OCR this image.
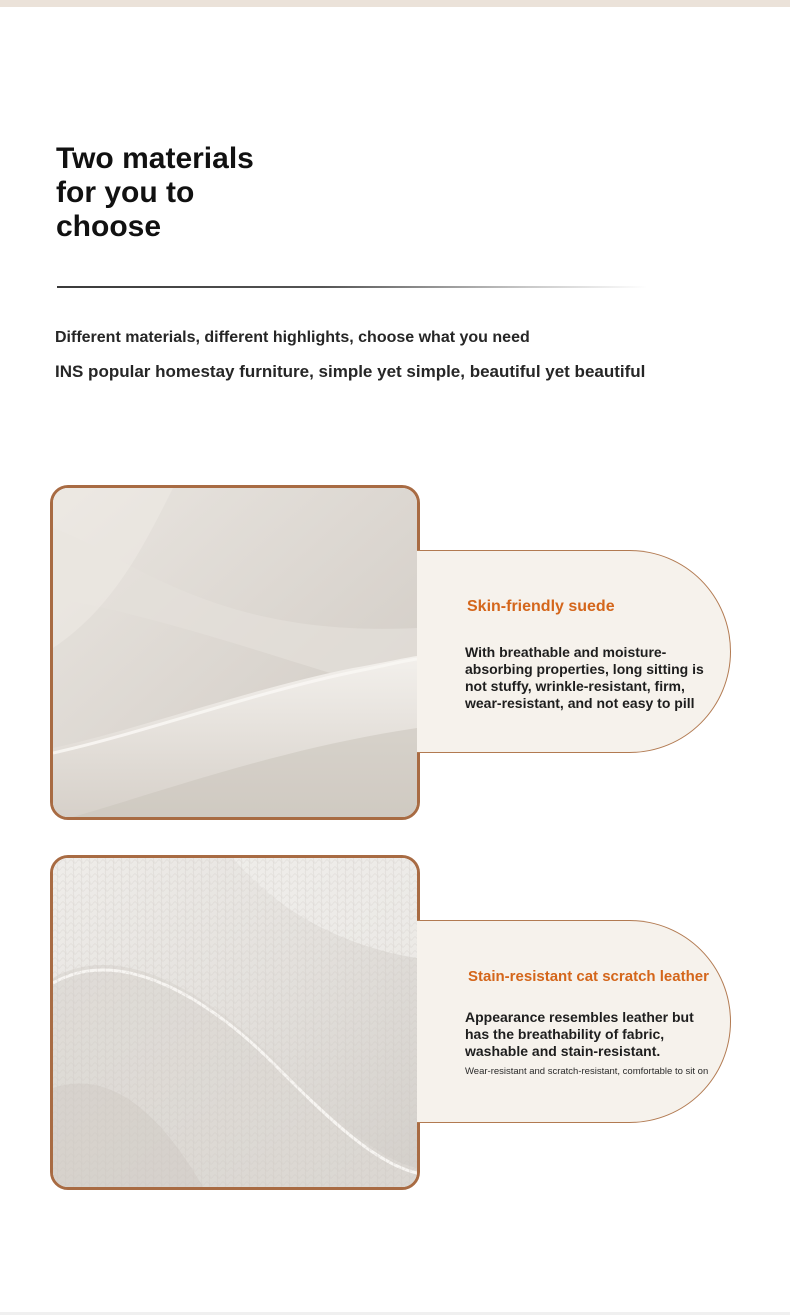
Two materials
for you to
choose

Different materials, different highlights, choose what you need

INS popular homestay furniture, simple yet simple, beautiful yet beautiful

Skin-friendly suede

With breathable and moisture-absorbing properties, long sitting is not stuffy, wrinkle-resistant, firm, wear-resistant, and not easy to pill

Stain-resistant cat scratch leather

Appearance resembles leather but has the breathability of fabric, washable and stain-resistant.

Wear-resistant and scratch-resistant, comfortable to sit on
